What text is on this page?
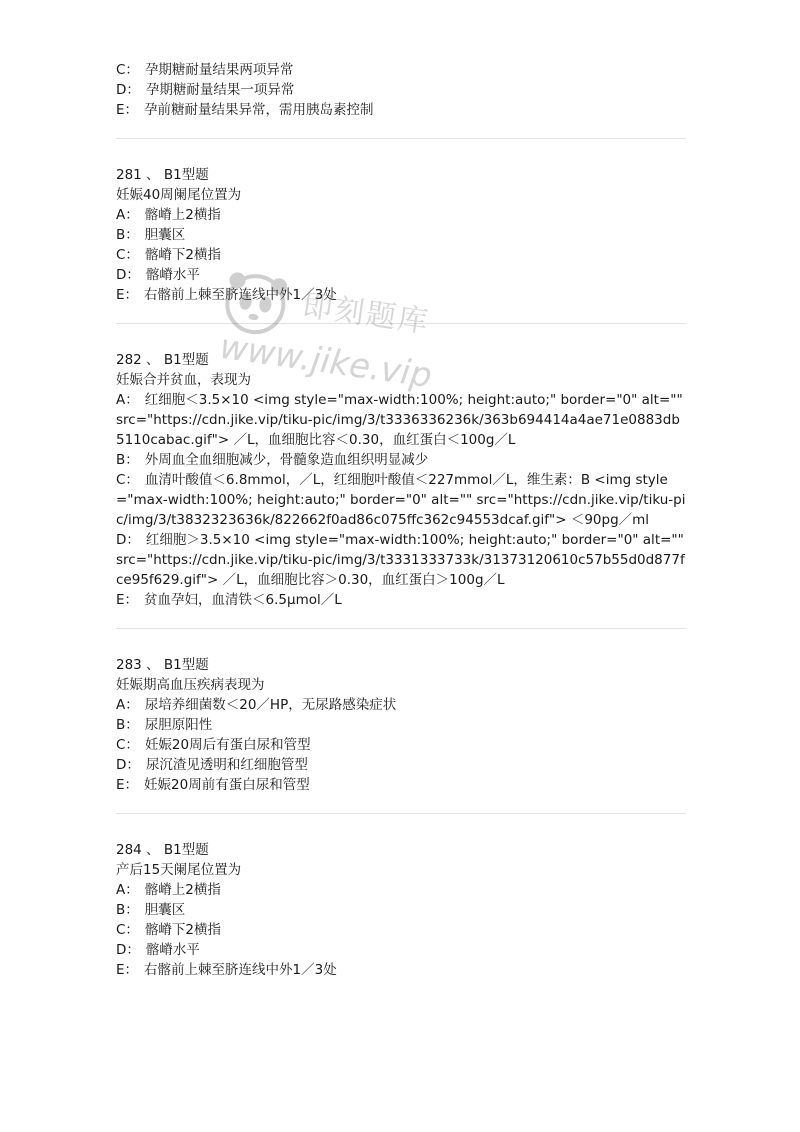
C： 孕期糖耐量结果两项异常
D： 孕期糖耐量结果一项异常
E： 孕前糖耐量结果异常，需用胰岛素控制
281 、 B1型题
妊娠40周阑尾位置为
A： 髂嵴上2横指
B： 胆囊区
C： 髂嵴下2横指
D： 髂嵴水平
E： 右髂前上棘至脐连线中外1／3处
282 、 B1型题
妊娠合并贫血，表现为
A： 红细胞＜3.5×10 <img style="max-width:100%; height:auto;" border="0" alt="" src="https://cdn.jike.vip/tiku-pic/img/3/t3336336236k/363b694414a4ae71e0883db5110cabac.gif"> ／L，血细胞比容＜0.30，血红蛋白＜100g／L
B： 外周血全血细胞减少，骨髓象造血组织明显减少
C： 血清叶酸值＜6.8mmol，／L，红细胞叶酸值＜227mmol／L，维生素：B <img style="max-width:100%; height:auto;" border="0" alt="" src="https://cdn.jike.vip/tiku-pic/img/3/t3832323636k/822662f0ad86c075ffc362c94553dcaf.gif"> ＜90pg／ml
D： 红细胞＞3.5×10 <img style="max-width:100%; height:auto;" border="0" alt="" src="https://cdn.jike.vip/tiku-pic/img/3/t3331333733k/31373120610c57b55d0d877fce95f629.gif"> ／L，血细胞比容＞0.30，血红蛋白＞100g／L
E： 贫血孕妇，血清铁＜6.5μmol／L
283 、 B1型题
妊娠期高血压疾病表现为
A： 尿培养细菌数＜20／HP，无尿路感染症状
B： 尿胆原阳性
C： 妊娠20周后有蛋白尿和管型
D： 尿沉渣见透明和红细胞管型
E： 妊娠20周前有蛋白尿和管型
284 、 B1型题
产后15天阑尾位置为
A： 髂嵴上2横指
B： 胆囊区
C： 髂嵴下2横指
D： 髂嵴水平
E： 右髂前上棘至脐连线中外1／3处
即刻题库
www.jike.vip
